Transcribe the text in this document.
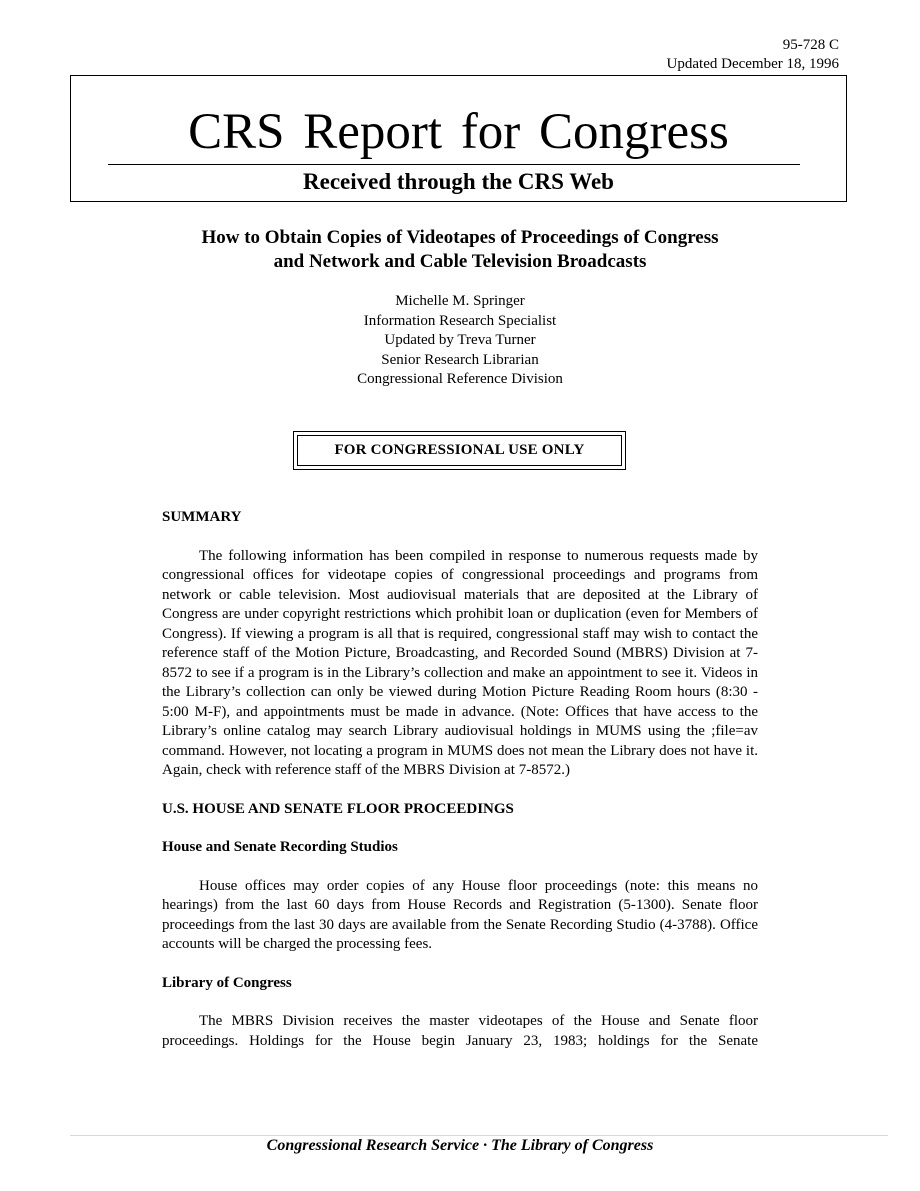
95-728 C
Updated December 18, 1996
CRS Report for Congress
Received through the CRS Web
How to Obtain Copies of Videotapes of Proceedings of Congress
and Network and Cable Television Broadcasts
Michelle M. Springer
Information Research Specialist
Updated by Treva Turner
Senior Research Librarian
Congressional Reference Division
FOR CONGRESSIONAL USE ONLY
SUMMARY

The following information has been compiled in response to numerous requests made by congressional offices for videotape copies of congressional proceedings and programs from network or cable television. Most audiovisual materials that are deposited at the Library of Congress are under copyright restrictions which prohibit loan or duplication (even for Members of Congress). If viewing a program is all that is required, congressional staff may wish to contact the reference staff of the Motion Picture, Broadcasting, and Recorded Sound (MBRS) Division at 7-8572 to see if a program is in the Library’s collection and make an appointment to see it. Videos in the Library’s collection can only be viewed during Motion Picture Reading Room hours (8:30 - 5:00 M-F), and appointments must be made in advance. (Note: Offices that have access to the Library’s online catalog may search Library audiovisual holdings in MUMS using the ;file=av command. However, not locating a program in MUMS does not mean the Library does not have it. Again, check with reference staff of the MBRS Division at 7-8572.)

U.S. HOUSE AND SENATE FLOOR PROCEEDINGS
House and Senate Recording Studios

House offices may order copies of any House floor proceedings (note: this means no hearings) from the last 60 days from House Records and Registration (5-1300). Senate floor proceedings from the last 30 days are available from the Senate Recording Studio (4-3788). Office accounts will be charged the processing fees.

Library of Congress

The MBRS Division receives the master videotapes of the House and Senate floor proceedings. Holdings for the House begin January 23, 1983; holdings for the Senate

Congressional Research Service · The Library of Congress
